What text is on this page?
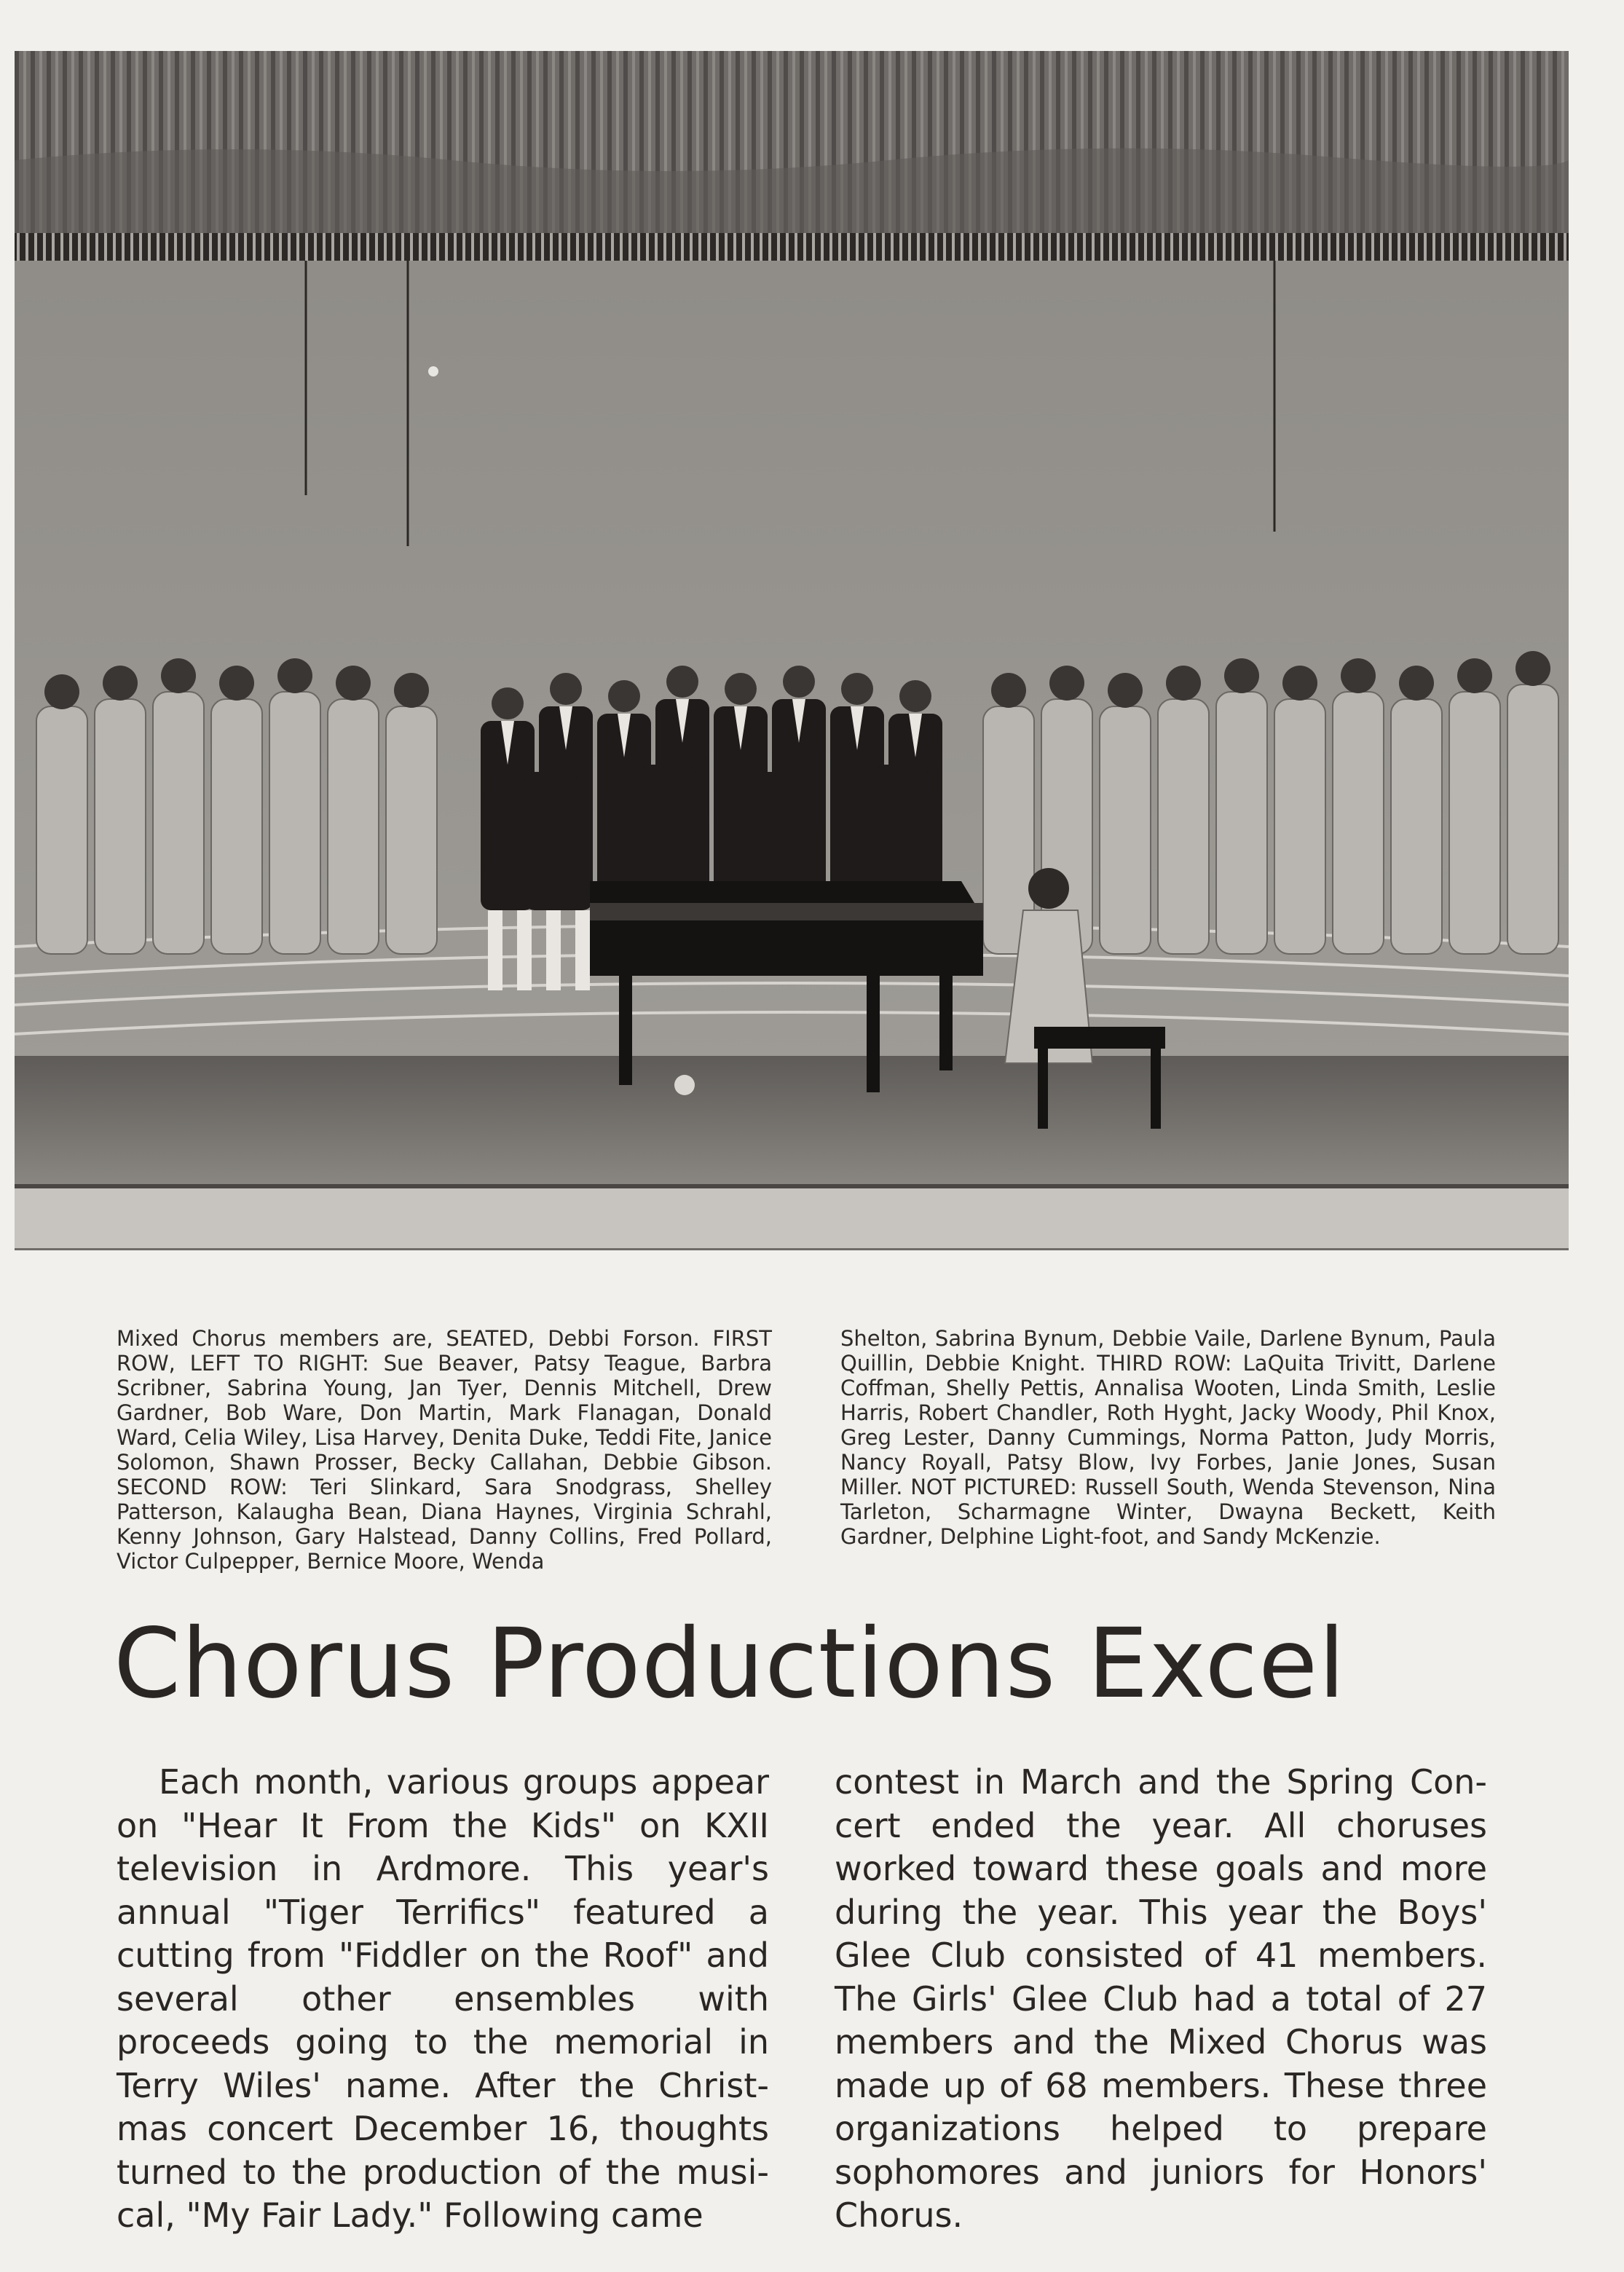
Mixed Chorus members are, SEATED, Debbi Forson. FIRST ROW, LEFT TO RIGHT: Sue Beaver, Patsy Teague, Barbra Scribner, Sabrina Young, Jan Tyer, Dennis Mitchell, Drew Gardner, Bob Ware, Don Martin, Mark Flanagan, Donald Ward, Celia Wiley, Lisa Harvey, Denita Duke, Teddi Fite, Janice Solomon, Shawn Prosser, Becky Callahan, Debbie Gibson. SECOND ROW: Teri Slinkard, Sara Snodgrass, Shelley Patterson, Kalaugha Bean, Diana Haynes, Virginia Schrahl, Kenny Johnson, Gary Halstead, Danny Collins, Fred Pollard, Victor Culpepper, Bernice Moore, Wenda

Shelton, Sabrina Bynum, Debbie Vaile, Darlene Bynum, Paula Quillin, Debbie Knight. THIRD ROW: LaQuita Trivitt, Darlene Coffman, Shelly Pettis, Annalisa Wooten, Linda Smith, Leslie Harris, Robert Chandler, Roth Hyght, Jacky Woody, Phil Knox, Greg Lester, Danny Cummings, Norma Patton, Judy Morris, Nancy Royall, Patsy Blow, Ivy Forbes, Janie Jones, Susan Miller. NOT PICTURED: Russell South, Wenda Stevenson, Nina Tarleton, Scharmagne Winter, Dwayna Beckett, Keith Gardner, Delphine Light-foot, and Sandy McKenzie.

Chorus Productions Excel

Each month, various groups appear on "Hear It From the Kids" on KXII television in Ardmore. This year's annual "Tiger Terrifics" featured a cutting from "Fiddler on the Roof" and several other ensembles with proceeds going to the memorial in Terry Wiles' name. After the Christ-mas concert December 16, thoughts turned to the production of the musi-cal, "My Fair Lady." Following came

contest in March and the Spring Con-cert ended the year. All choruses worked toward these goals and more during the year. This year the Boys' Glee Club consisted of 41 members. The Girls' Glee Club had a total of 27 members and the Mixed Chorus was made up of 68 members. These three organizations helped to prepare sophomores and juniors for Honors' Chorus.
